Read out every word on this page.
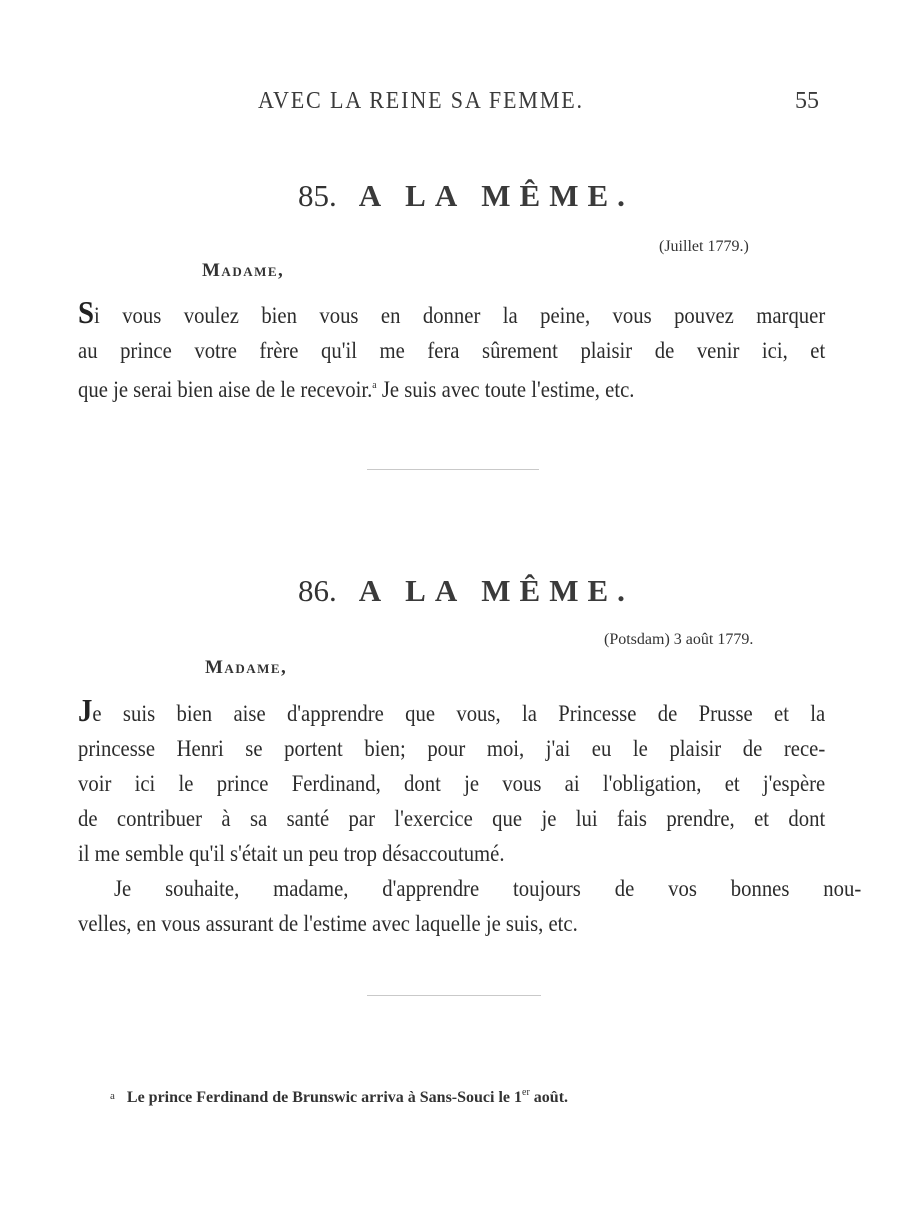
AVEC LA REINE SA FEMME.	55
85. A LA MÊME.
(Juillet 1779.)
Madame,
Si vous voulez bien vous en donner la peine, vous pouvez marquer
au prince votre frère qu'il me fera sûrement plaisir de venir ici, et
que je serai bien aise de le recevoir.$^a$ Je suis avec toute l'estime, etc.
86. A LA MÊME.
(Potsdam) 3 août 1779.
Madame,
Je suis bien aise d'apprendre que vous, la Princesse de Prusse et la
princesse Henri se portent bien; pour moi, j'ai eu le plaisir de rece-
voir ici le prince Ferdinand, dont je vous ai l'obligation, et j'espère
de contribuer à sa santé par l'exercice que je lui fais prendre, et dont
il me semble qu'il s'était un peu trop désaccoutumé.
Je souhaite, madame, d'apprendre toujours de vos bonnes nou-
velles, en vous assurant de l'estime avec laquelle je suis, etc.
a Le prince Ferdinand de Brunswic arriva à Sans-Souci le 1er août.
